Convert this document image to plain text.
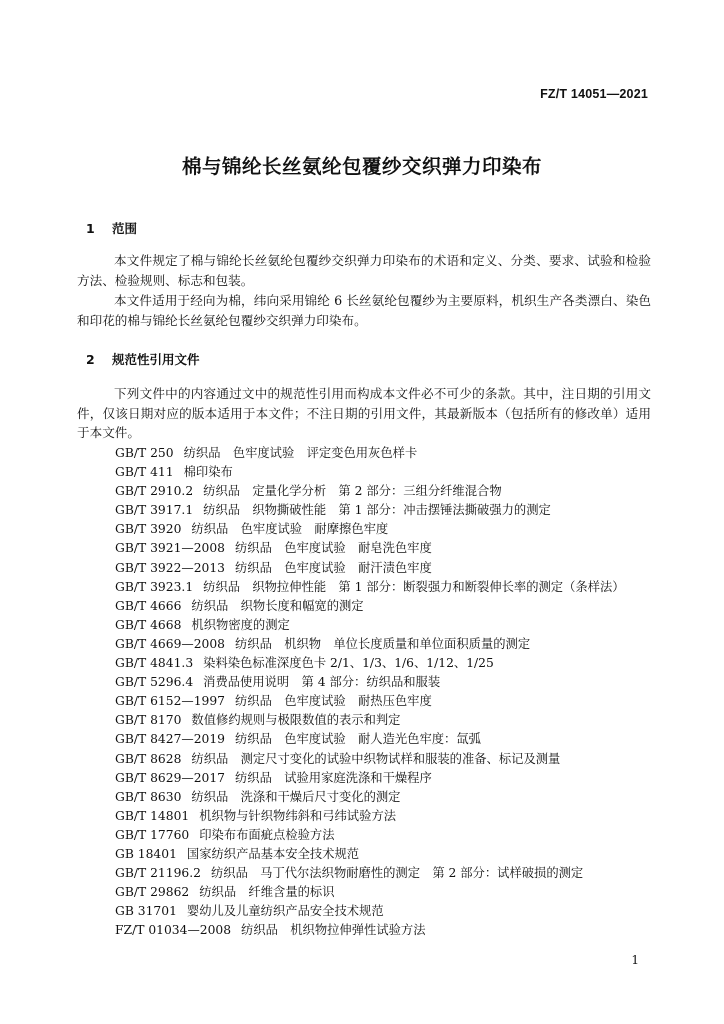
FZ/T 14051—2021
棉与锦纶长丝氨纶包覆纱交织弹力印染布
1 范围

本文件规定了棉与锦纶长丝氨纶包覆纱交织弹力印染布的术语和定义、分类、要求、试验和检验方法、检验规则、标志和包装。

本文件适用于经向为棉，纬向采用锦纶 6 长丝氨纶包覆纱为主要原料，机织生产各类漂白、染色和印花的棉与锦纶长丝氨纶包覆纱交织弹力印染布。

2 规范性引用文件

下列文件中的内容通过文中的规范性引用而构成本文件必不可少的条款。其中，注日期的引用文件，仅该日期对应的版本适用于本文件；不注日期的引用文件，其最新版本（包括所有的修改单）适用于本文件。

GB/T 250 纺织品　色牢度试验　评定变色用灰色样卡
GB/T 411 棉印染布
GB/T 2910.2 纺织品　定量化学分析　第 2 部分：三组分纤维混合物
GB/T 3917.1 纺织品　织物撕破性能　第 1 部分：冲击摆锤法撕破强力的测定
GB/T 3920 纺织品　色牢度试验　耐摩擦色牢度
GB/T 3921—2008 纺织品　色牢度试验　耐皂洗色牢度
GB/T 3922—2013 纺织品　色牢度试验　耐汗渍色牢度
GB/T 3923.1 纺织品　织物拉伸性能　第 1 部分：断裂强力和断裂伸长率的测定（条样法）
GB/T 4666 纺织品　织物长度和幅宽的测定
GB/T 4668 机织物密度的测定
GB/T 4669—2008 纺织品　机织物　单位长度质量和单位面积质量的测定
GB/T 4841.3 染料染色标准深度色卡 2/1、1/3、1/6、1/12、1/25
GB/T 5296.4 消费品使用说明　第 4 部分：纺织品和服装
GB/T 6152—1997 纺织品　色牢度试验　耐热压色牢度
GB/T 8170 数值修约规则与极限数值的表示和判定
GB/T 8427—2019 纺织品　色牢度试验　耐人造光色牢度：氙弧
GB/T 8628 纺织品　测定尺寸变化的试验中织物试样和服装的准备、标记及测量
GB/T 8629—2017 纺织品　试验用家庭洗涤和干燥程序
GB/T 8630 纺织品　洗涤和干燥后尺寸变化的测定
GB/T 14801 机织物与针织物纬斜和弓纬试验方法
GB/T 17760 印染布布面疵点检验方法
GB 18401 国家纺织产品基本安全技术规范
GB/T 21196.2 纺织品　马丁代尔法织物耐磨性的测定　第 2 部分：试样破损的测定
GB/T 29862 纺织品　纤维含量的标识
GB 31701 婴幼儿及儿童纺织产品安全技术规范
FZ/T 01034—2008 纺织品　机织物拉伸弹性试验方法
1
